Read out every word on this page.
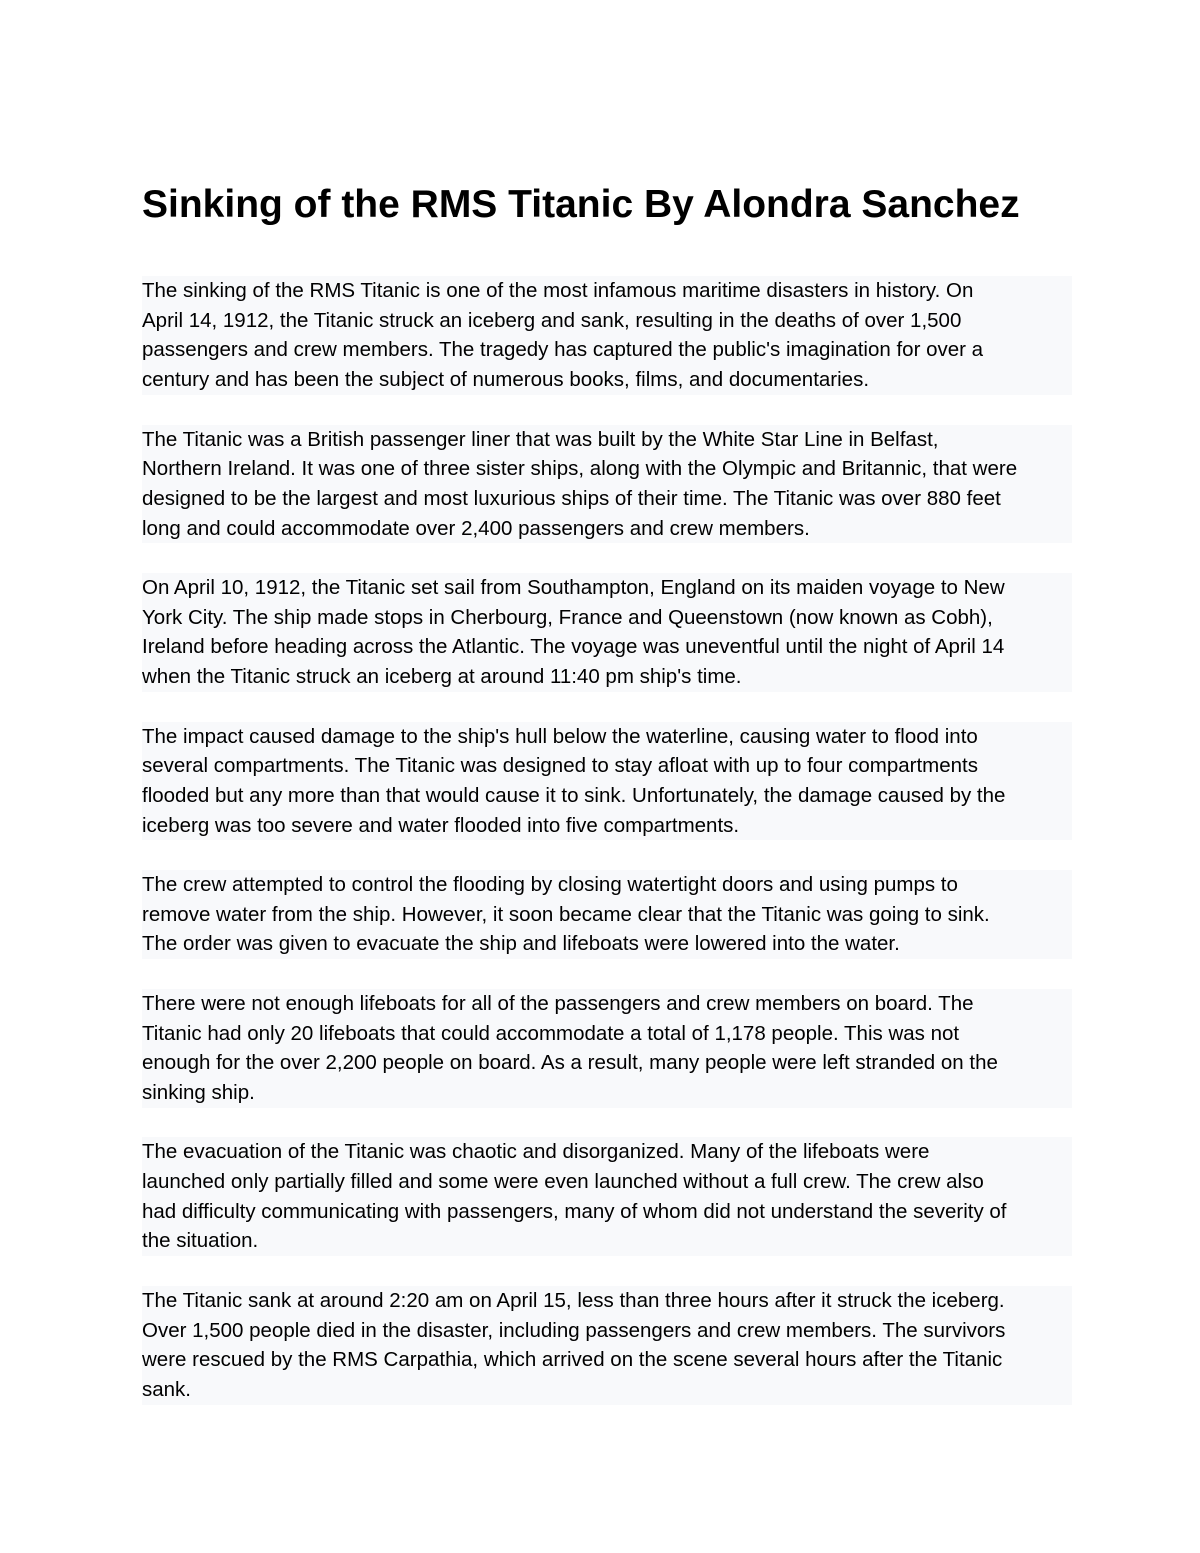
Sinking of the RMS Titanic By Alondra Sanchez

The sinking of the RMS Titanic is one of the most infamous maritime disasters in history. On
April 14, 1912, the Titanic struck an iceberg and sank, resulting in the deaths of over 1,500
passengers and crew members. The tragedy has captured the public's imagination for over a
century and has been the subject of numerous books, films, and documentaries.

The Titanic was a British passenger liner that was built by the White Star Line in Belfast,
Northern Ireland. It was one of three sister ships, along with the Olympic and Britannic, that were
designed to be the largest and most luxurious ships of their time. The Titanic was over 880 feet
long and could accommodate over 2,400 passengers and crew members.

On April 10, 1912, the Titanic set sail from Southampton, England on its maiden voyage to New
York City. The ship made stops in Cherbourg, France and Queenstown (now known as Cobh),
Ireland before heading across the Atlantic. The voyage was uneventful until the night of April 14
when the Titanic struck an iceberg at around 11:40 pm ship's time.

The impact caused damage to the ship's hull below the waterline, causing water to flood into
several compartments. The Titanic was designed to stay afloat with up to four compartments
flooded but any more than that would cause it to sink. Unfortunately, the damage caused by the
iceberg was too severe and water flooded into five compartments.

The crew attempted to control the flooding by closing watertight doors and using pumps to
remove water from the ship. However, it soon became clear that the Titanic was going to sink.
The order was given to evacuate the ship and lifeboats were lowered into the water.

There were not enough lifeboats for all of the passengers and crew members on board. The
Titanic had only 20 lifeboats that could accommodate a total of 1,178 people. This was not
enough for the over 2,200 people on board. As a result, many people were left stranded on the
sinking ship.

The evacuation of the Titanic was chaotic and disorganized. Many of the lifeboats were
launched only partially filled and some were even launched without a full crew. The crew also
had difficulty communicating with passengers, many of whom did not understand the severity of
the situation.

The Titanic sank at around 2:20 am on April 15, less than three hours after it struck the iceberg.
Over 1,500 people died in the disaster, including passengers and crew members. The survivors
were rescued by the RMS Carpathia, which arrived on the scene several hours after the Titanic
sank.
